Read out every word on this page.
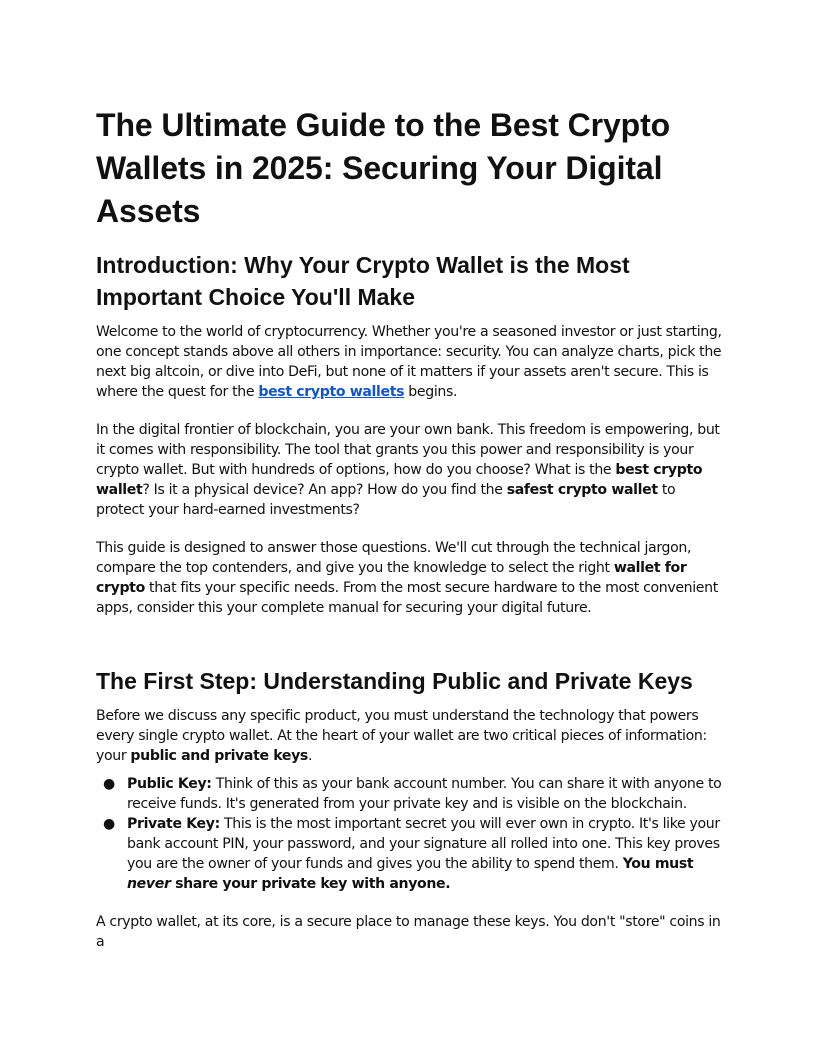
The Ultimate Guide to the Best Crypto Wallets in 2025: Securing Your Digital Assets
Introduction: Why Your Crypto Wallet is the Most Important Choice You'll Make

Welcome to the world of cryptocurrency. Whether you're a seasoned investor or just starting, one concept stands above all others in importance: security. You can analyze charts, pick the next big altcoin, or dive into DeFi, but none of it matters if your assets aren't secure. This is where the quest for the best crypto wallets begins.

In the digital frontier of blockchain, you are your own bank. This freedom is empowering, but it comes with responsibility. The tool that grants you this power and responsibility is your crypto wallet. But with hundreds of options, how do you choose? What is the best crypto wallet? Is it a physical device? An app? How do you find the safest crypto wallet to protect your hard-earned investments?

This guide is designed to answer those questions. We'll cut through the technical jargon, compare the top contenders, and give you the knowledge to select the right wallet for crypto that fits your specific needs. From the most secure hardware to the most convenient apps, consider this your complete manual for securing your digital future.

The First Step: Understanding Public and Private Keys

Before we discuss any specific product, you must understand the technology that powers every single crypto wallet. At the heart of your wallet are two critical pieces of information: your public and private keys.

● Public Key: Think of this as your bank account number. You can share it with anyone to receive funds. It's generated from your private key and is visible on the blockchain.
● Private Key: This is the most important secret you will ever own in crypto. It's like your bank account PIN, your password, and your signature all rolled into one. This key proves you are the owner of your funds and gives you the ability to spend them. You must never share your private key with anyone.

A crypto wallet, at its core, is a secure place to manage these keys. You don't "store" coins in a
